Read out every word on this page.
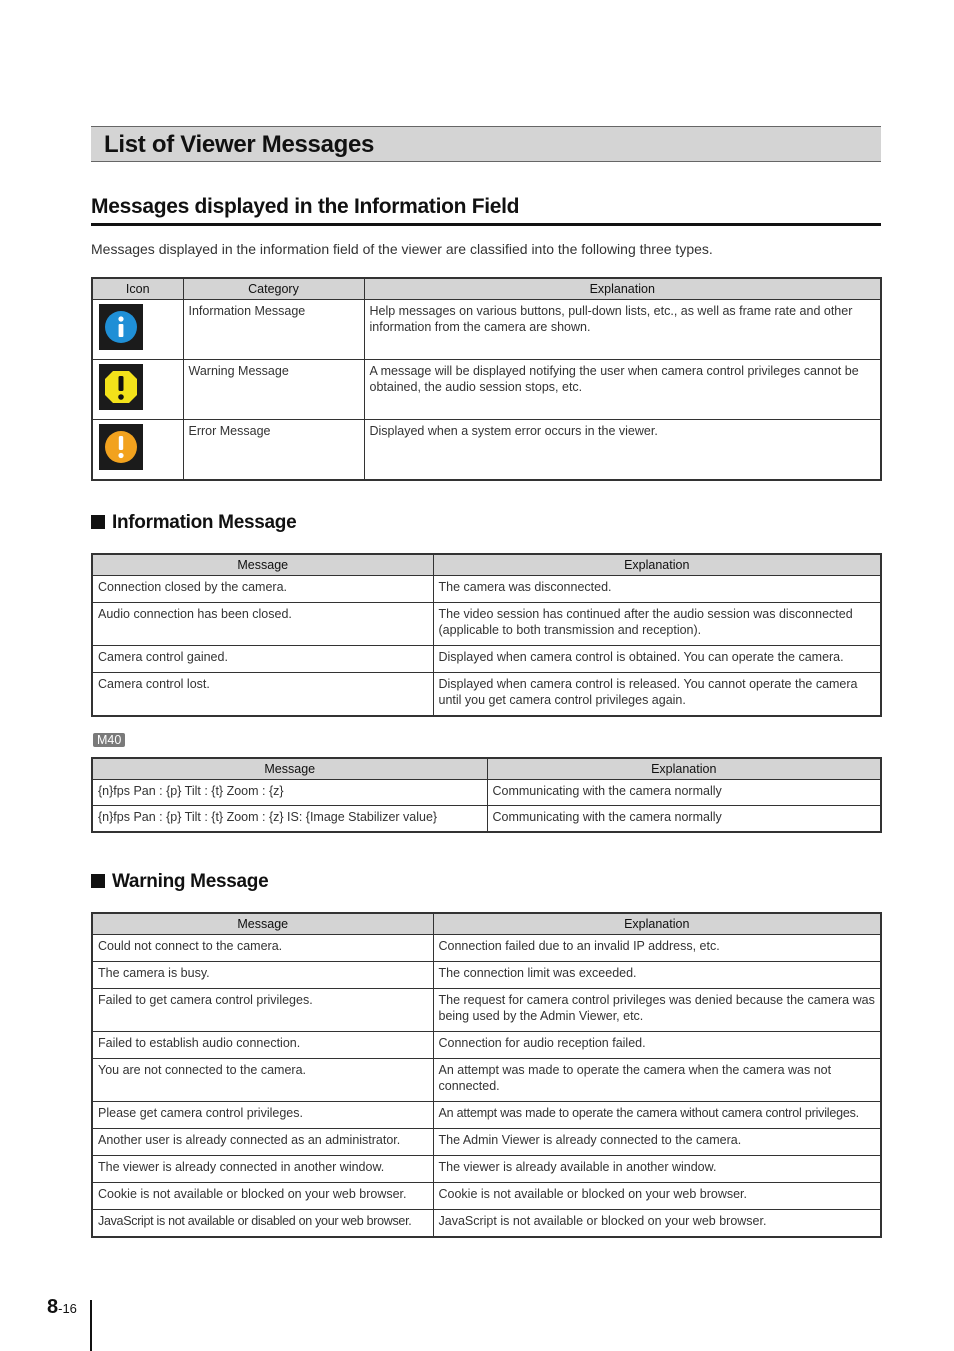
List of Viewer Messages
Messages displayed in the Information Field

Messages displayed in the information field of the viewer are classified into the following three types.

Icon	Category	Explanation

	Information Message	Help messages on various buttons, pull-down lists, etc., as well as frame rate and other information from the camera are shown.

	Warning Message	A message will be displayed notifying the user when camera control privileges cannot be obtained, the audio session stops, etc.

	Error Message	Displayed when a system error occurs in the viewer.
Information Message
Message	Explanation
Connection closed by the camera.	The camera was disconnected.
Audio connection has been closed.	The video session has continued after the audio session was disconnected (applicable to both transmission and reception).
Camera control gained.	Displayed when camera control is obtained. You can operate the camera.
Camera control lost.	Displayed when camera control is released. You cannot operate the camera until you get camera control privileges again.
M40
Message	Explanation
{n}fps Pan : {p} Tilt : {t} Zoom : {z}	Communicating with the camera normally
{n}fps Pan : {p} Tilt : {t} Zoom : {z} IS: {Image Stabilizer value}	Communicating with the camera normally
Warning Message
Message	Explanation
Could not connect to the camera.	Connection failed due to an invalid IP address, etc.
The camera is busy.	The connection limit was exceeded.
Failed to get camera control privileges.	The request for camera control privileges was denied because the camera was being used by the Admin Viewer, etc.
Failed to establish audio connection.	Connection for audio reception failed.
You are not connected to the camera.	An attempt was made to operate the camera when the camera was not connected.
Please get camera control privileges.	An attempt was made to operate the camera without camera control privileges.
Another user is already connected as an administrator.	The Admin Viewer is already connected to the camera.
The viewer is already connected in another window.	The viewer is already available in another window.
Cookie is not available or blocked on your web browser.	Cookie is not available or blocked on your web browser.
JavaScript is not available or disabled on your web browser.	JavaScript is not available or blocked on your web browser.
8-16
